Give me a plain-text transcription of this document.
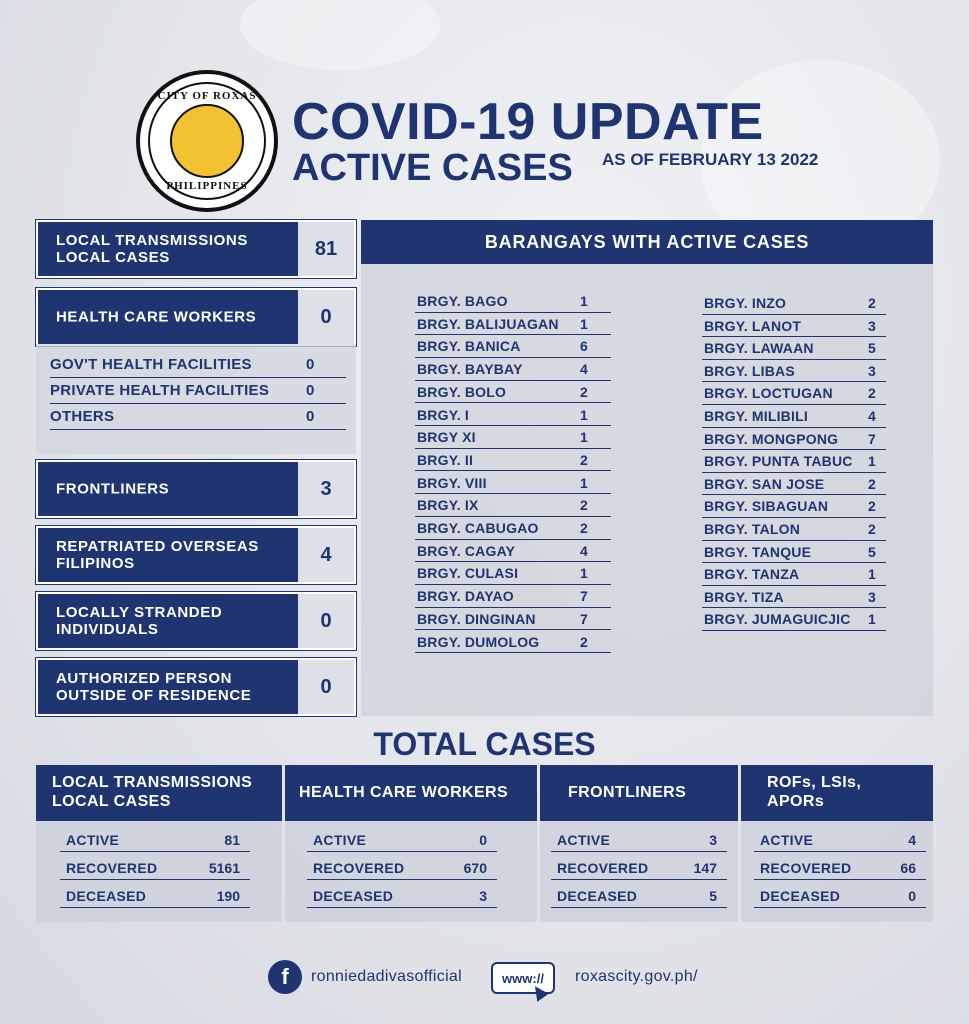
CITY OF ROXAS
PHILIPPINES
COVID-19 UPDATE
ACTIVE CASES AS OF FEBRUARY 13 2022
LOCAL TRANSMISSIONS
LOCAL CASES	81
HEALTH CARE WORKERS	0
GOV'T HEALTH FACILITIES	0
PRIVATE HEALTH FACILITIES 0
OTHERS	0
FRONTLINERS	3
REPATRIATED OVERSEAS
FILIPINOS	4
LOCALLY STRANDED
INDIVIDUALS	0
AUTHORIZED PERSON
OUTSIDE OF RESIDENCE	0
BARANGAYS WITH ACTIVE CASES
BRGY. BAGO	1
BRGY. BALIJUAGAN 1
BRGY. BANICA	6
BRGY. BAYBAY	4
BRGY. BOLO	2
BRGY. I	1
BRGY XI	1
BRGY. II	2
BRGY. VIII	1
BRGY. IX	2
BRGY. CABUGAO	2
BRGY. CAGAY	4
BRGY. CULASI	1
BRGY. DAYAO	7
BRGY. DINGINAN	7
BRGY. DUMOLOG	2
BRGY. INZO	2
BRGY. LANOT	3
BRGY. LAWAAN	5
BRGY. LIBAS	3
BRGY. LOCTUGAN	2
BRGY. MILIBILI	4
BRGY. MONGPONG 7
BRGY. PUNTA TABUC 1
BRGY. SAN JOSE	2
BRGY. SIBAGUAN	2
BRGY. TALON	2
BRGY. TANQUE	5
BRGY. TANZA	1
BRGY. TIZA	3
BRGY. JUMAGUICJIC 1
TOTAL CASES
LOCAL TRANSMISSIONS
LOCAL CASES
ACTIVE	81
RECOVERED	5161
DECEASED	190
HEALTH CARE WORKERS
ACTIVE	0
RECOVERED	670
DECEASED	3
FRONTLINERS
ACTIVE	3
RECOVERED	147
DECEASED	5
ROFs, LSIs,
APORs
ACTIVE	4
RECOVERED	66
DECEASED	0
f	ronniedadivasofficial	www://	roxascity.gov.ph/
